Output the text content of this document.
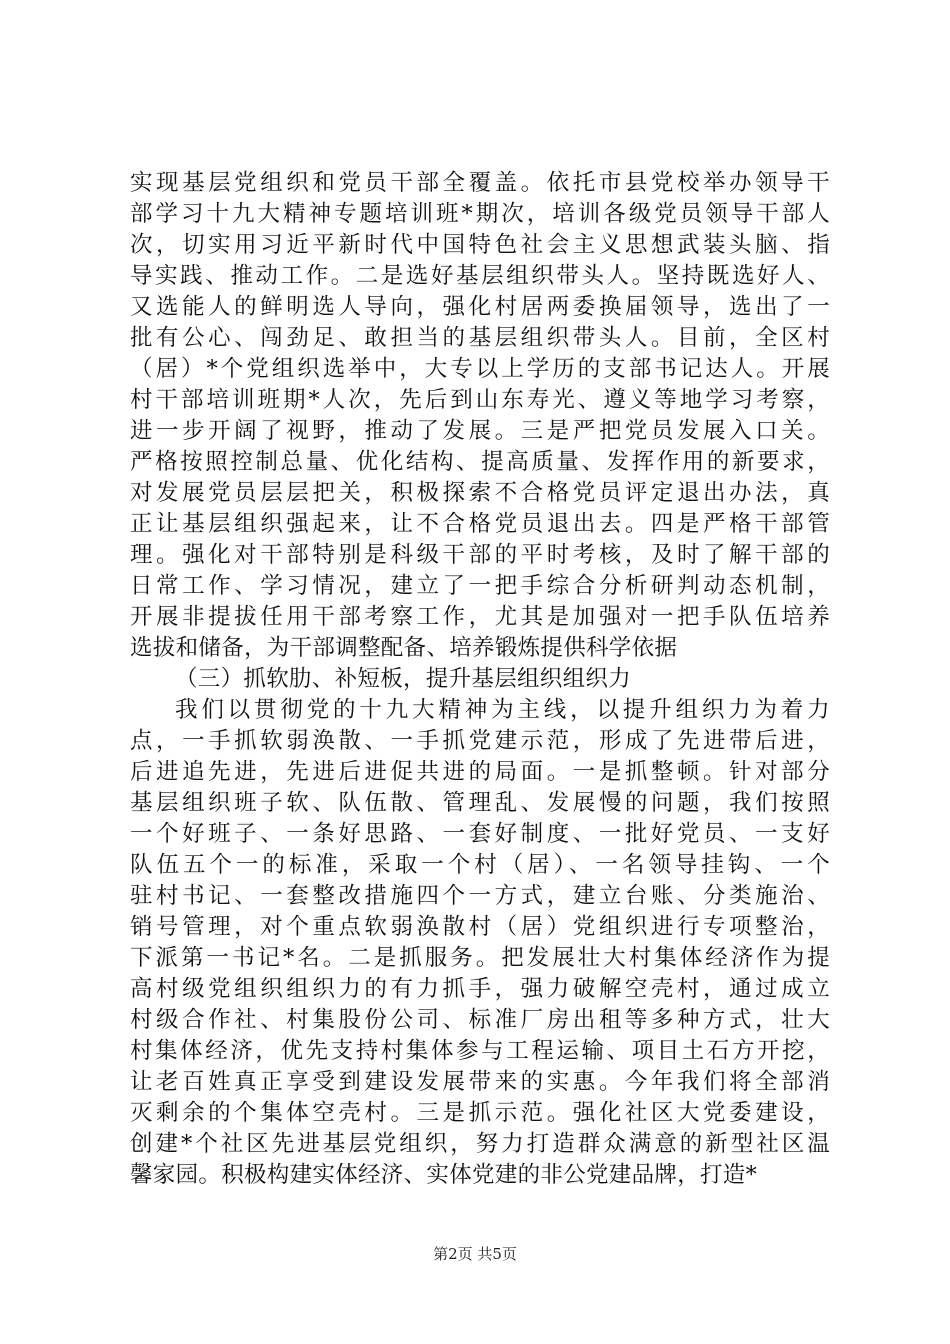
实现基层党组织和党员干部全覆盖。依托市县党校举办领导干
部学习十九大精神专题培训班*期次，培训各级党员领导干部人
次，切实用习近平新时代中国特色社会主义思想武装头脑、指
导实践、推动工作。二是选好基层组织带头人。坚持既选好人、
又选能人的鲜明选人导向，强化村居两委换届领导，选出了一
批有公心、闯劲足、敢担当的基层组织带头人。目前，全区村
（居）*个党组织选举中，大专以上学历的支部书记达人。开展
村干部培训班期*人次，先后到山东寿光、遵义等地学习考察，
进一步开阔了视野，推动了发展。三是严把党员发展入口关。
严格按照控制总量、优化结构、提高质量、发挥作用的新要求，
对发展党员层层把关，积极探索不合格党员评定退出办法，真
正让基层组织强起来，让不合格党员退出去。四是严格干部管
理。强化对干部特别是科级干部的平时考核，及时了解干部的
日常工作、学习情况，建立了一把手综合分析研判动态机制，
开展非提拔任用干部考察工作，尤其是加强对一把手队伍培养
选拔和储备，为干部调整配备、培养锻炼提供科学依据
（三）抓软肋、补短板，提升基层组织组织力
我们以贯彻党的十九大精神为主线，以提升组织力为着力
点，一手抓软弱涣散、一手抓党建示范，形成了先进带后进，
后进追先进，先进后进促共进的局面。一是抓整顿。针对部分
基层组织班子软、队伍散、管理乱、发展慢的问题，我们按照
一个好班子、一条好思路、一套好制度、一批好党员、一支好
队伍五个一的标准，采取一个村（居）、一名领导挂钩、一个
驻村书记、一套整改措施四个一方式，建立台账、分类施治、
销号管理，对个重点软弱涣散村（居）党组织进行专项整治，
下派第一书记*名。二是抓服务。把发展壮大村集体经济作为提
高村级党组织组织力的有力抓手，强力破解空壳村，通过成立
村级合作社、村集股份公司、标准厂房出租等多种方式，壮大
村集体经济，优先支持村集体参与工程运输、项目土石方开挖，
让老百姓真正享受到建设发展带来的实惠。今年我们将全部消
灭剩余的个集体空壳村。三是抓示范。强化社区大党委建设，
创建*个社区先进基层党组织，努力打造群众满意的新型社区温
馨家园。积极构建实体经济、实体党建的非公党建品牌，打造*
第2页 共5页
